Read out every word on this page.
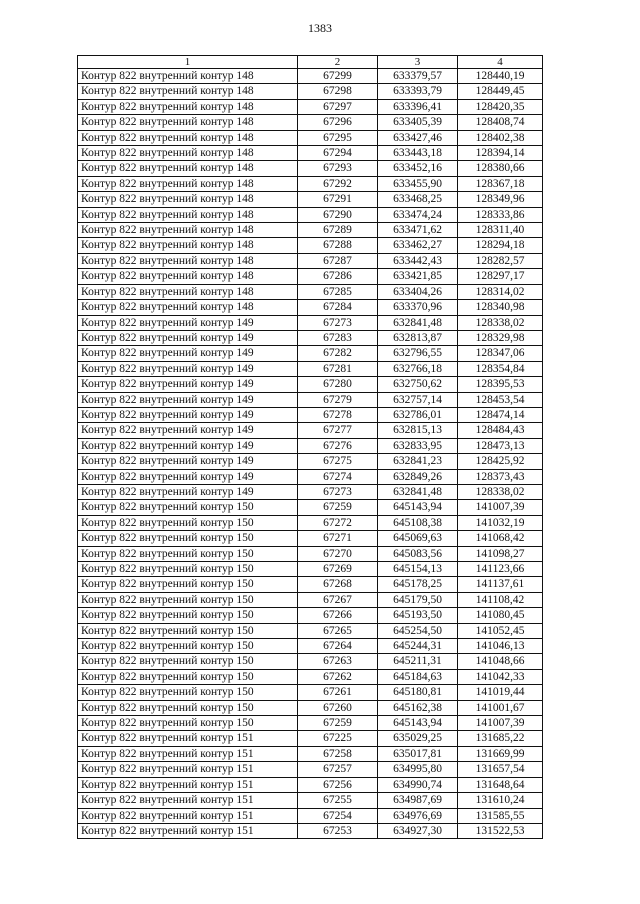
1383
1	2	3	4
Контур 822 внутренний контур 148	67299	633379,57	128440,19
Контур 822 внутренний контур 148	67298	633393,79	128449,45
Контур 822 внутренний контур 148	67297	633396,41	128420,35
Контур 822 внутренний контур 148	67296	633405,39	128408,74
Контур 822 внутренний контур 148	67295	633427,46	128402,38
Контур 822 внутренний контур 148	67294	633443,18	128394,14
Контур 822 внутренний контур 148	67293	633452,16	128380,66
Контур 822 внутренний контур 148	67292	633455,90	128367,18
Контур 822 внутренний контур 148	67291	633468,25	128349,96
Контур 822 внутренний контур 148	67290	633474,24	128333,86
Контур 822 внутренний контур 148	67289	633471,62	128311,40
Контур 822 внутренний контур 148	67288	633462,27	128294,18
Контур 822 внутренний контур 148	67287	633442,43	128282,57
Контур 822 внутренний контур 148	67286	633421,85	128297,17
Контур 822 внутренний контур 148	67285	633404,26	128314,02
Контур 822 внутренний контур 148	67284	633370,96	128340,98
Контур 822 внутренний контур 149	67273	632841,48	128338,02
Контур 822 внутренний контур 149	67283	632813,87	128329,98
Контур 822 внутренний контур 149	67282	632796,55	128347,06
Контур 822 внутренний контур 149	67281	632766,18	128354,84
Контур 822 внутренний контур 149	67280	632750,62	128395,53
Контур 822 внутренний контур 149	67279	632757,14	128453,54
Контур 822 внутренний контур 149	67278	632786,01	128474,14
Контур 822 внутренний контур 149	67277	632815,13	128484,43
Контур 822 внутренний контур 149	67276	632833,95	128473,13
Контур 822 внутренний контур 149	67275	632841,23	128425,92
Контур 822 внутренний контур 149	67274	632849,26	128373,43
Контур 822 внутренний контур 149	67273	632841,48	128338,02
Контур 822 внутренний контур 150	67259	645143,94	141007,39
Контур 822 внутренний контур 150	67272	645108,38	141032,19
Контур 822 внутренний контур 150	67271	645069,63	141068,42
Контур 822 внутренний контур 150	67270	645083,56	141098,27
Контур 822 внутренний контур 150	67269	645154,13	141123,66
Контур 822 внутренний контур 150	67268	645178,25	141137,61
Контур 822 внутренний контур 150	67267	645179,50	141108,42
Контур 822 внутренний контур 150	67266	645193,50	141080,45
Контур 822 внутренний контур 150	67265	645254,50	141052,45
Контур 822 внутренний контур 150	67264	645244,31	141046,13
Контур 822 внутренний контур 150	67263	645211,31	141048,66
Контур 822 внутренний контур 150	67262	645184,63	141042,33
Контур 822 внутренний контур 150	67261	645180,81	141019,44
Контур 822 внутренний контур 150	67260	645162,38	141001,67
Контур 822 внутренний контур 150	67259	645143,94	141007,39
Контур 822 внутренний контур 151	67225	635029,25	131685,22
Контур 822 внутренний контур 151	67258	635017,81	131669,99
Контур 822 внутренний контур 151	67257	634995,80	131657,54
Контур 822 внутренний контур 151	67256	634990,74	131648,64
Контур 822 внутренний контур 151	67255	634987,69	131610,24
Контур 822 внутренний контур 151	67254	634976,69	131585,55
Контур 822 внутренний контур 151	67253	634927,30	131522,53
